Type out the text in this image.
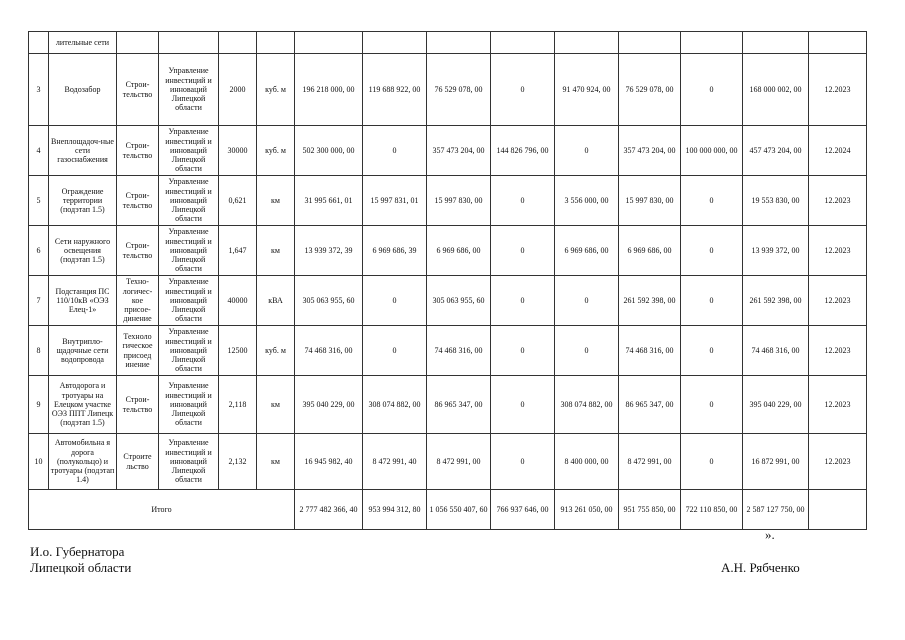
	лительные сети													
3	Водозабор	Строи-тельство	Управление инвестиций и инноваций Липецкой области	2000	куб. м	196 218 000, 00	119 688 922, 00	76 529 078, 00	0	91 470 924, 00	76 529 078, 00	0	168 000 002, 00	12.2023
4	Внеплощадоч-ные сети газоснабжения	Строи-тельство	Управление инвестиций и инноваций Липецкой области	30000	куб. м	502 300 000, 00	0	357 473 204, 00	144 826 796, 00	0	357 473 204, 00	100 000 000, 00	457 473 204, 00	12.2024
5	Ограждение территории (подэтап 1.5)	Строи-тельство	Управление инвестиций и инноваций Липецкой области	0,621	км	31 995 661, 01	15 997 831, 01	15 997 830, 00	0	3 556 000, 00	15 997 830, 00	0	19 553 830, 00	12.2023
6	Сети наружного освещения (подэтап 1.5)	Строи-тельство	Управление инвестиций и инноваций Липецкой области	1,647	км	13 939 372, 39	6 969 686, 39	6 969 686, 00	0	6 969 686, 00	6 969 686, 00	0	13 939 372, 00	12.2023
7	Подстанция ПС 110/10кВ «ОЭЗ Елец-1»	Техно-логичес-кое присое-динение	Управление инвестиций и инноваций Липецкой области	40000	кВА	305 063 955, 60	0	305 063 955, 60	0	0	261 592 398, 00	0	261 592 398, 00	12.2023
8	Внутрипло-щадочные сети водопровода	Техноло гическое присоед инение	Управление инвестиций и инноваций Липецкой области	12500	куб. м	74 468 316, 00	0	74 468 316, 00	0	0	74 468 316, 00	0	74 468 316, 00	12.2023
9	Автодорога и тротуары на Елецком участке ОЭЗ ППТ Липецк (подэтап 1.5)	Строи-тельство	Управление инвестиций и инноваций Липецкой области	2,118	км	395 040 229, 00	308 074 882, 00	86 965 347, 00	0	308 074 882, 00	86 965 347, 00	0	395 040 229, 00	12.2023
10	Автомобильна я дорога (полукольцо) и тротуары (подэтап 1.4)	Строите льство	Управление инвестиций и инноваций Липецкой области	2,132	км	16 945 982, 40	8 472 991, 40	8 472 991, 00	0	8 400 000, 00	8 472 991, 00	0	16 872 991, 00	12.2023
Итого						2 777 482 366, 40	953 994 312, 80	1 056 550 407, 60	766 937 646, 00	913 261 050, 00	951 755 850, 00	722 110 850, 00	2 587 127 750, 00	
».
И.о. Губернатора
Липецкой области	А.Н. Рябченко
